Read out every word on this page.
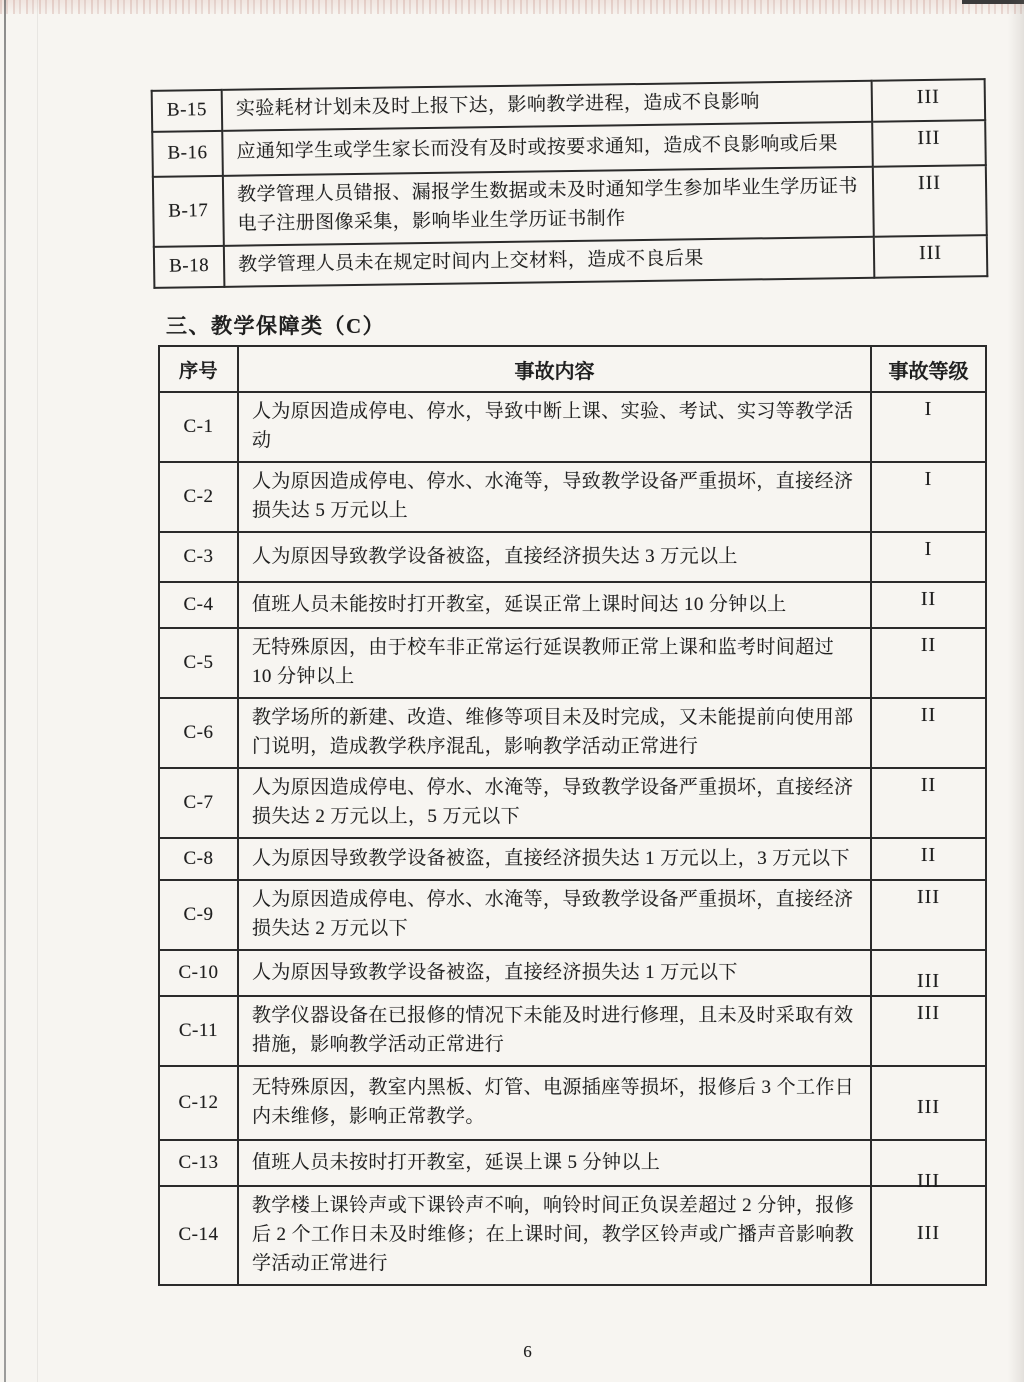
B-15	实验耗材计划未及时上报下达，影响教学进程，造成不良影响	III
B-16	应通知学生或学生家长而没有及时或按要求通知，造成不良影响或后果	III
B-17	教学管理人员错报、漏报学生数据或未及时通知学生参加毕业生学历证书电子注册图像采集，影响毕业生学历证书制作	III
B-18	教学管理人员未在规定时间内上交材料，造成不良后果	III
三、教学保障类（C）
序号	事故内容	事故等级
C-1	人为原因造成停电、停水，导致中断上课、实验、考试、实习等教学活动	I
C-2	人为原因造成停电、停水、水淹等，导致教学设备严重损坏，直接经济损失达 5 万元以上	I
C-3	人为原因导致教学设备被盗，直接经济损失达 3 万元以上	I
C-4	值班人员未能按时打开教室，延误正常上课时间达 10 分钟以上	II
C-5	无特殊原因，由于校车非正常运行延误教师正常上课和监考时间超过 10 分钟以上	II
C-6	教学场所的新建、改造、维修等项目未及时完成，又未能提前向使用部门说明，造成教学秩序混乱，影响教学活动正常进行	II
C-7	人为原因造成停电、停水、水淹等，导致教学设备严重损坏，直接经济损失达 2 万元以上，5 万元以下	II
C-8	人为原因导致教学设备被盗，直接经济损失达 1 万元以上，3 万元以下	II
C-9	人为原因造成停电、停水、水淹等，导致教学设备严重损坏，直接经济损失达 2 万元以下	III
C-10	人为原因导致教学设备被盗，直接经济损失达 1 万元以下	III
C-11	教学仪器设备在已报修的情况下未能及时进行修理，且未及时采取有效措施，影响教学活动正常进行	III
C-12	无特殊原因，教室内黑板、灯管、电源插座等损坏，报修后 3 个工作日内未维修，影响正常教学。	III
C-13	值班人员未按时打开教室，延误上课 5 分钟以上	III
C-14	教学楼上课铃声或下课铃声不响，响铃时间正负误差超过 2 分钟，报修后 2 个工作日未及时维修；在上课时间，教学区铃声或广播声音影响教学活动正常进行	III
6
